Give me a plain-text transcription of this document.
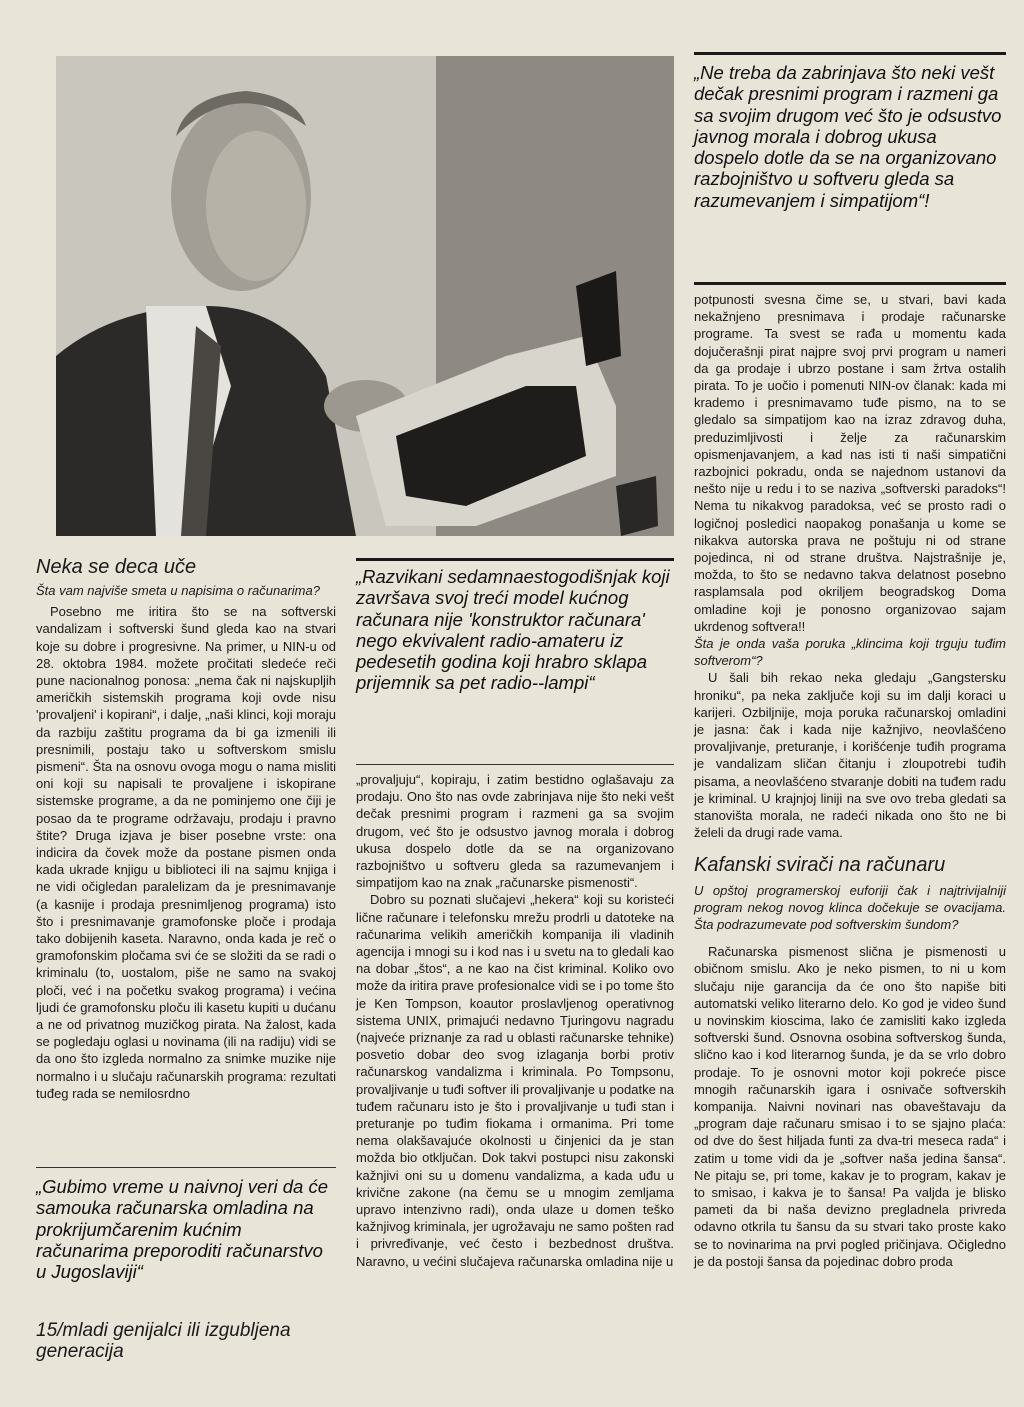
Neka se deca uče

Šta vam najviše smeta u napisima o računarima?

Posebno me iritira što se na softverski vandalizam i softverski šund gleda kao na stvari koje su dobre i progresivne. Na primer, u NIN-u od 28. oktobra 1984. možete pročitati sledeće reči pune nacionalnog ponosa: „nema čak ni najskupljih američkih sistemskih programa koji ovde nisu 'provaljeni' i kopirani“, i dalje, „naši klinci, koji moraju da razbiju zaštitu programa da bi ga izmenili ili presnimili, postaju tako u softverskom smislu pismeni“. Šta na osnovu ovoga mogu o nama misliti oni koji su napisali te provaljene i iskopirane sistemske programe, a da ne pominjemo one čiji je posao da te programe održavaju, prodaju i pravno štite? Druga izjava je biser posebne vrste: ona indicira da čovek može da postane pismen onda kada ukrade knjigu u biblioteci ili na sajmu knjiga i ne vidi očigledan paralelizam da je presnimavanje (a kasnije i prodaja presnimljenog programa) isto što i presnimavanje gramofonske ploče i prodaja tako dobijenih kaseta. Naravno, onda kada je reč o gramofonskim pločama svi će se složiti da se radi o kriminalu (to, uostalom, piše ne samo na svakoj ploči, već i na početku svakog programa) i većina ljudi će gramofonsku ploču ili kasetu kupiti u dućanu a ne od privatnog muzičkog pirata. Na žalost, kada se pogledaju oglasi u novinama (ili na radiju) vidi se da ono što izgleda normalno za snimke muzike nije normalno i u slučaju računarskih programa: rezultati tuđeg rada se nemilosrdno

„Gubimo vreme u naivnoj veri da će samouka računarska omladina na prokrijumčarenim kućnim računarima preporoditi računarstvo u Jugoslaviji“

15/mladi genijalci ili izgubljena generacija

„Razvikani sedamnaestogodišnjak koji završava svoj treći model kućnog računara nije 'konstruktor računara' nego ekvivalent radio-amateru iz pedesetih godina koji hrabro sklapa prijemnik sa pet radio--lampi“

„provaljuju“, kopiraju, i zatim bestidno oglašavaju za prodaju. Ono što nas ovde zabrinjava nije što neki vešt dečak presnimi program i razmeni ga sa svojim drugom, već što je odsustvo javnog morala i dobrog ukusa dospelo dotle da se na organizovano razbojništvo u softveru gleda sa razumevanjem i simpatijom kao na znak „računarske pismenosti“.

Dobro su poznati slučajevi „hekera“ koji su koristeći lične računare i telefonsku mrežu prodrli u datoteke na računarima velikih američkih kompanija ili vladinih agencija i mnogi su i kod nas i u svetu na to gledali kao na dobar „štos“, a ne kao na čist kriminal. Koliko ovo može da iritira prave profesionalce vidi se i po tome što je Ken Tompson, koautor proslavljenog operativnog sistema UNIX, primajući nedavno Tjuringovu nagradu (najveće priznanje za rad u oblasti računarske tehnike) posvetio dobar deo svog izlaganja borbi protiv računarskog vandalizma i kriminala. Po Tompsonu, provaljivanje u tuđi softver ili provaljivanje u podatke na tuđem računaru isto je što i provaljivanje u tuđi stan i preturanje po tuđim fiokama i ormanima. Pri tome nema olakšavajuće okolnosti u činjenici da je stan možda bio otključan. Dok takvi postupci nisu zakonski kažnjivi oni su u domenu vandalizma, a kada uđu u krivične zakone (na čemu se u mnogim zemljama upravo intenzivno radi), onda ulaze u domen teško kažnjivog kriminala, jer ugrožavaju ne samo pošten rad i privređivanje, već često i bezbednost društva. Naravno, u većini slučajeva računarska omladina nije u

„Ne treba da zabrinjava što neki vešt dečak presnimi program i razmeni ga sa svojim drugom već što je odsustvo javnog morala i dobrog ukusa dospelo dotle da se na organizovano razbojništvo u softveru gleda sa razumevanjem i simpatijom“!

potpunosti svesna čime se, u stvari, bavi kada nekažnjeno presnimava i prodaje računarske programe. Ta svest se rađa u momentu kada dojučerašnji pirat najpre svoj prvi program u nameri da ga prodaje i ubrzo postane i sam žrtva ostalih pirata. To je uočio i pomenuti NIN-ov članak: kada mi krademo i presnimavamo tuđe pismo, na to se gledalo sa simpatijom kao na izraz zdravog duha, preduzimljivosti i želje za računarskim opismenjavanjem, a kad nas isti ti naši simpatični razbojnici pokradu, onda se najednom ustanovi da nešto nije u redu i to se naziva „softverski paradoks“! Nema tu nikakvog paradoksa, već se prosto radi o logičnoj posledici naopakog ponašanja u kome se nikakva autorska prava ne poštuju ni od strane pojedinca, ni od strane društva. Najstrašnije je, možda, to što se nedavno takva delatnost posebno rasplamsala pod okriljem beogradskog Doma omladine koji je ponosno organizovao sajam ukrdenog softvera!!

Šta je onda vaša poruka „klincima koji trguju tuđim softverom“?

U šali bih rekao neka gledaju „Gangstersku hroniku“, pa neka zaključe koji su im dalji koraci u karijeri. Ozbiljnije, moja poruka računarskoj omladini je jasna: čak i kada nije kažnjivo, neovlašćeno provaljivanje, preturanje, i korišćenje tuđih programa je vandalizam sličan čitanju i zloupotrebi tuđih pisama, a neovlašćeno stvaranje dobiti na tuđem radu je kriminal. U krajnjoj liniji na sve ovo treba gledati sa stanovišta morala, ne radeći nikada ono što ne bi želeli da drugi rade vama.

Kafanski svirači na računaru

U opštoj programerskoj euforiji čak i najtrivijalniji program nekog novog klinca dočekuje se ovacijama. Šta podrazumevate pod softverskim šundom?

Računarska pismenost slična je pismenosti u običnom smislu. Ako je neko pismen, to ni u kom slučaju nije garancija da će ono što napiše biti automatski veliko literarno delo. Ko god je video šund u novinskim kioscima, lako će zamisliti kako izgleda softverski šund. Osnovna osobina softverskog šunda, slično kao i kod literarnog šunda, je da se vrlo dobro prodaje. To je osnovni motor koji pokreće pisce mnogih računarskih igara i osnivače softverskih kompanija. Naivni novinari nas obaveštavaju da „program daje računaru smisao i to se sjajno plaća: od dve do šest hiljada funti za dva-tri meseca rada“ i zatim u tome vidi da je „softver naša jedina šansa“. Ne pitaju se, pri tome, kakav je to program, kakav je to smisao, i kakva je to šansa! Pa valjda je blisko pameti da bi naša devizno pregladnela privreda odavno otkrila tu šansu da su stvari tako proste kako se to novinarima na prvi pogled pričinjava. Očigledno je da postoji šansa da pojedinac dobro proda
